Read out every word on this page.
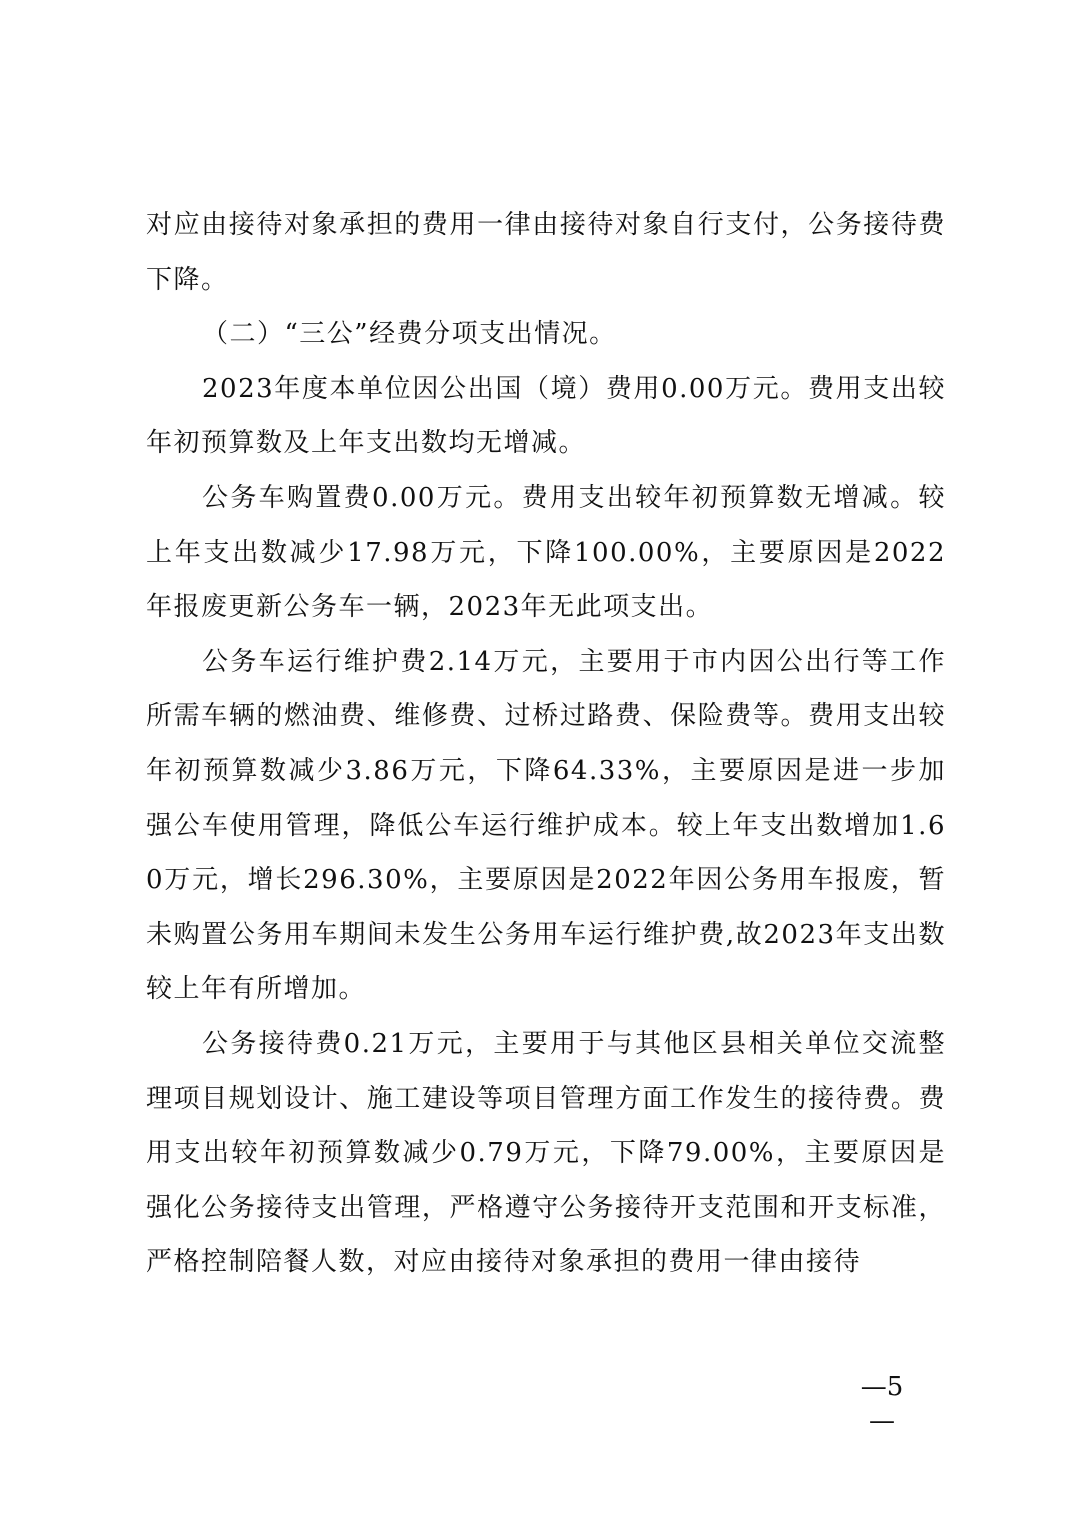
对应由接待对象承担的费用一律由接待对象自行支付，公务接待费下降。

（二）“三公”经费分项支出情况。

2023年度本单位因公出国（境）费用0.00万元。费用支出较年初预算数及上年支出数均无增减。

公务车购置费0.00万元。费用支出较年初预算数无增减。较上年支出数减少17.98万元，下降100.00%，主要原因是2022年报废更新公务车一辆，2023年无此项支出。

公务车运行维护费2.14万元，主要用于市内因公出行等工作所需车辆的燃油费、维修费、过桥过路费、保险费等。费用支出较年初预算数减少3.86万元，下降64.33%，主要原因是进一步加强公车使用管理，降低公车运行维护成本。较上年支出数增加1.60万元，增长296.30%，主要原因是2022年因公务用车报废，暂未购置公务用车期间未发生公务用车运行维护费,故2023年支出数较上年有所增加。

公务接待费0.21万元，主要用于与其他区县相关单位交流整理项目规划设计、施工建设等项目管理方面工作发生的接待费。费用支出较年初预算数减少0.79万元，下降79.00%，主要原因是强化公务接待支出管理，严格遵守公务接待开支范围和开支标准，严格控制陪餐人数，对应由接待对象承担的费用一律由接待

—5—
